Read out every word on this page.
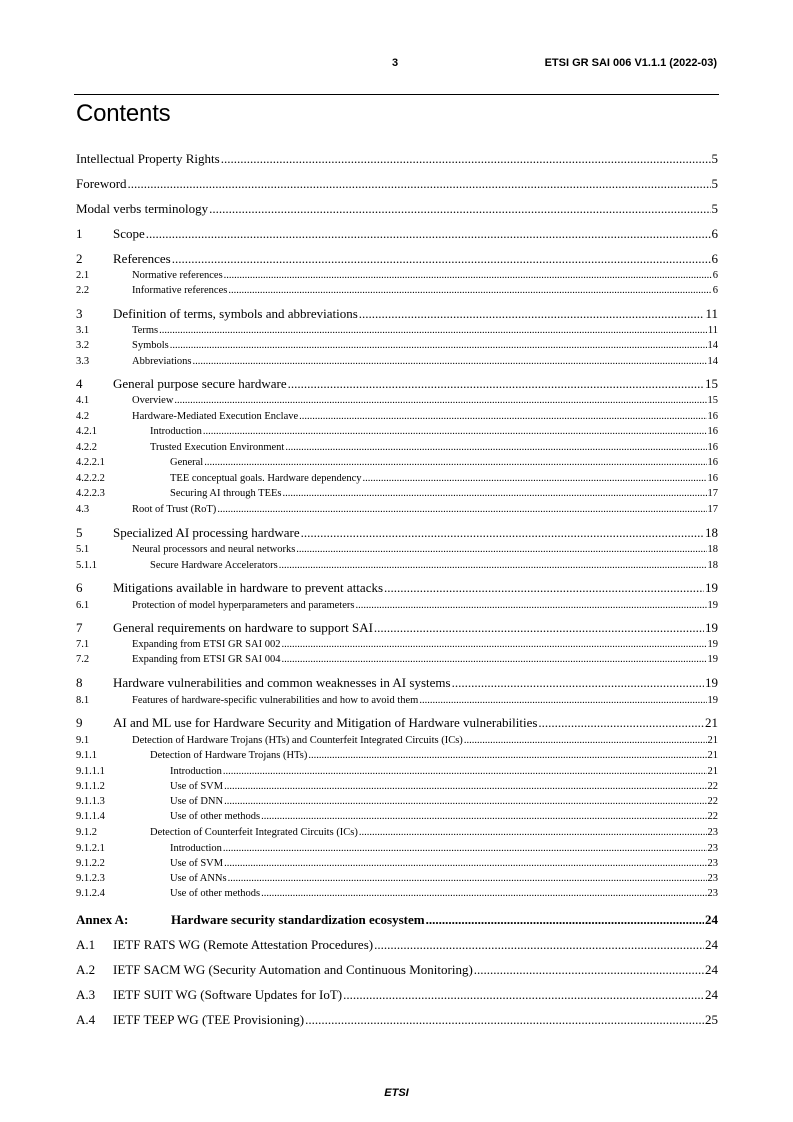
3	ETSI GR SAI 006 V1.1.1 (2022-03)
Contents
Intellectual Property Rights .....	5
Foreword .....	5
Modal verbs terminology .....	5
1	Scope .....	6
2	References .....	6
2.1	Normative references .....	6
2.2	Informative references .....	6
3	Definition of terms, symbols and abbreviations .....	11
3.1	Terms .....	11
3.2	Symbols .....	14
3.3	Abbreviations .....	14
4	General purpose secure hardware .....	15
4.1	Overview .....	15
4.2	Hardware-Mediated Execution Enclave .....	16
4.2.1	Introduction .....	16
4.2.2	Trusted Execution Environment .....	16
4.2.2.1	General .....	16
4.2.2.2	TEE conceptual goals. Hardware dependency .....	16
4.2.2.3	Securing AI through TEEs .....	17
4.3	Root of Trust (RoT) .....	17
5	Specialized AI processing hardware .....	18
5.1	Neural processors and neural networks .....	18
5.1.1	Secure Hardware Accelerators .....	18
6	Mitigations available in hardware to prevent attacks .....	19
6.1	Protection of model hyperparameters and parameters .....	19
7	General requirements on hardware to support SAI .....	19
7.1	Expanding from ETSI GR SAI 002 .....	19
7.2	Expanding from ETSI GR SAI 004 .....	19
8	Hardware vulnerabilities and common weaknesses in AI systems .....	19
8.1	Features of hardware-specific vulnerabilities and how to avoid them .....	19
9	AI and ML use for Hardware Security and Mitigation of Hardware vulnerabilities .....	21
9.1	Detection of Hardware Trojans (HTs) and Counterfeit Integrated Circuits (ICs) .....	21
9.1.1	Detection of Hardware Trojans (HTs) .....	21
9.1.1.1	Introduction .....	21
9.1.1.2	Use of SVM .....	22
9.1.1.3	Use of DNN .....	22
9.1.1.4	Use of other methods .....	22
9.1.2	Detection of Counterfeit Integrated Circuits (ICs) .....	23
9.1.2.1	Introduction .....	23
9.1.2.2	Use of SVM .....	23
9.1.2.3	Use of ANNs .....	23
9.1.2.4	Use of other methods .....	23
Annex A:	Hardware security standardization ecosystem .....	24
A.1	IETF RATS WG (Remote Attestation Procedures) .....	24
A.2	IETF SACM WG (Security Automation and Continuous Monitoring) .....	24
A.3	IETF SUIT WG (Software Updates for IoT) .....	24
A.4	IETF TEEP WG (TEE Provisioning) .....	25
ETSI
